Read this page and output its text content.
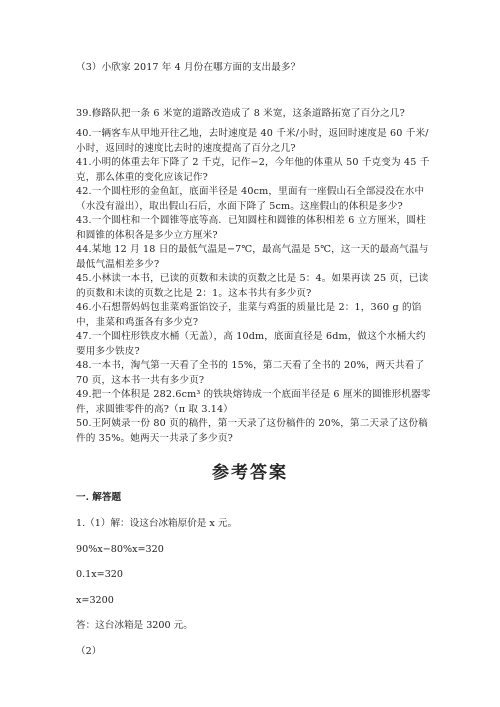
（3）小欣家 2017 年 4 月份在哪方面的支出最多？
39.修路队把一条 6 米宽的道路改造成了 8 米宽，这条道路拓宽了百分之几?
40.一辆客车从甲地开往乙地，去时速度是 40 千米/小时，返回时速度是 60 千米/小时，返回时的速度比去时的速度提高了百分之几?
41.小明的体重去年下降了 2 千克，记作−2，今年他的体重从 50 千克变为 45 千克，那么体重的变化应该记作?
42.一个圆柱形的金鱼缸，底面半径是 40cm，里面有一座假山石全部浸没在水中（水没有溢出），取出假山石后，水面下降了 5cm。这座假山的体积是多少?
43.一个圆柱和一个圆锥等底等高．已知圆柱和圆锥的体积相差 6 立方厘米，圆柱和圆锥的体积各是多少立方厘米?
44.某地 12 月 18 日的最低气温是−7℃，最高气温是 5℃，这一天的最高气温与最低气温相差多少?
45.小林读一本书，已读的页数和未读的页数之比是 5：4。如果再读 25 页，已读的页数和未读的页数之比是 2：1。这本书共有多少页?
46.小石想帮妈妈包韭菜鸡蛋馅饺子，韭菜与鸡蛋的质量比是 2：1，360 g 的馅中，韭菜和鸡蛋各有多少克?
47.一个圆柱形铁皮水桶（无盖），高 10dm，底面直径是 6dm，做这个水桶大约要用多少铁皮?
48.一本书，淘气第一天看了全书的 15%，第二天看了全书的 20%，两天共看了 70 页，这本书一共有多少页?
49.把一个体积是 282.6cm³ 的铁块熔铸成一个底面半径是 6 厘米的圆锥形机器零件，求圆锥零件的高?（π 取 3.14）
参考答案
一. 解答题
1.（1）解：设这台冰箱原价是 x 元。
90%x−80%x=320
0.1x=320
x=3200
答：这台冰箱是 3200 元。
（2）
50.王阿姨录一份 80 页的稿件，第一天录了这份稿件的 20%，第二天录了这份稿件的 35%。她两天一共录了多少页?
